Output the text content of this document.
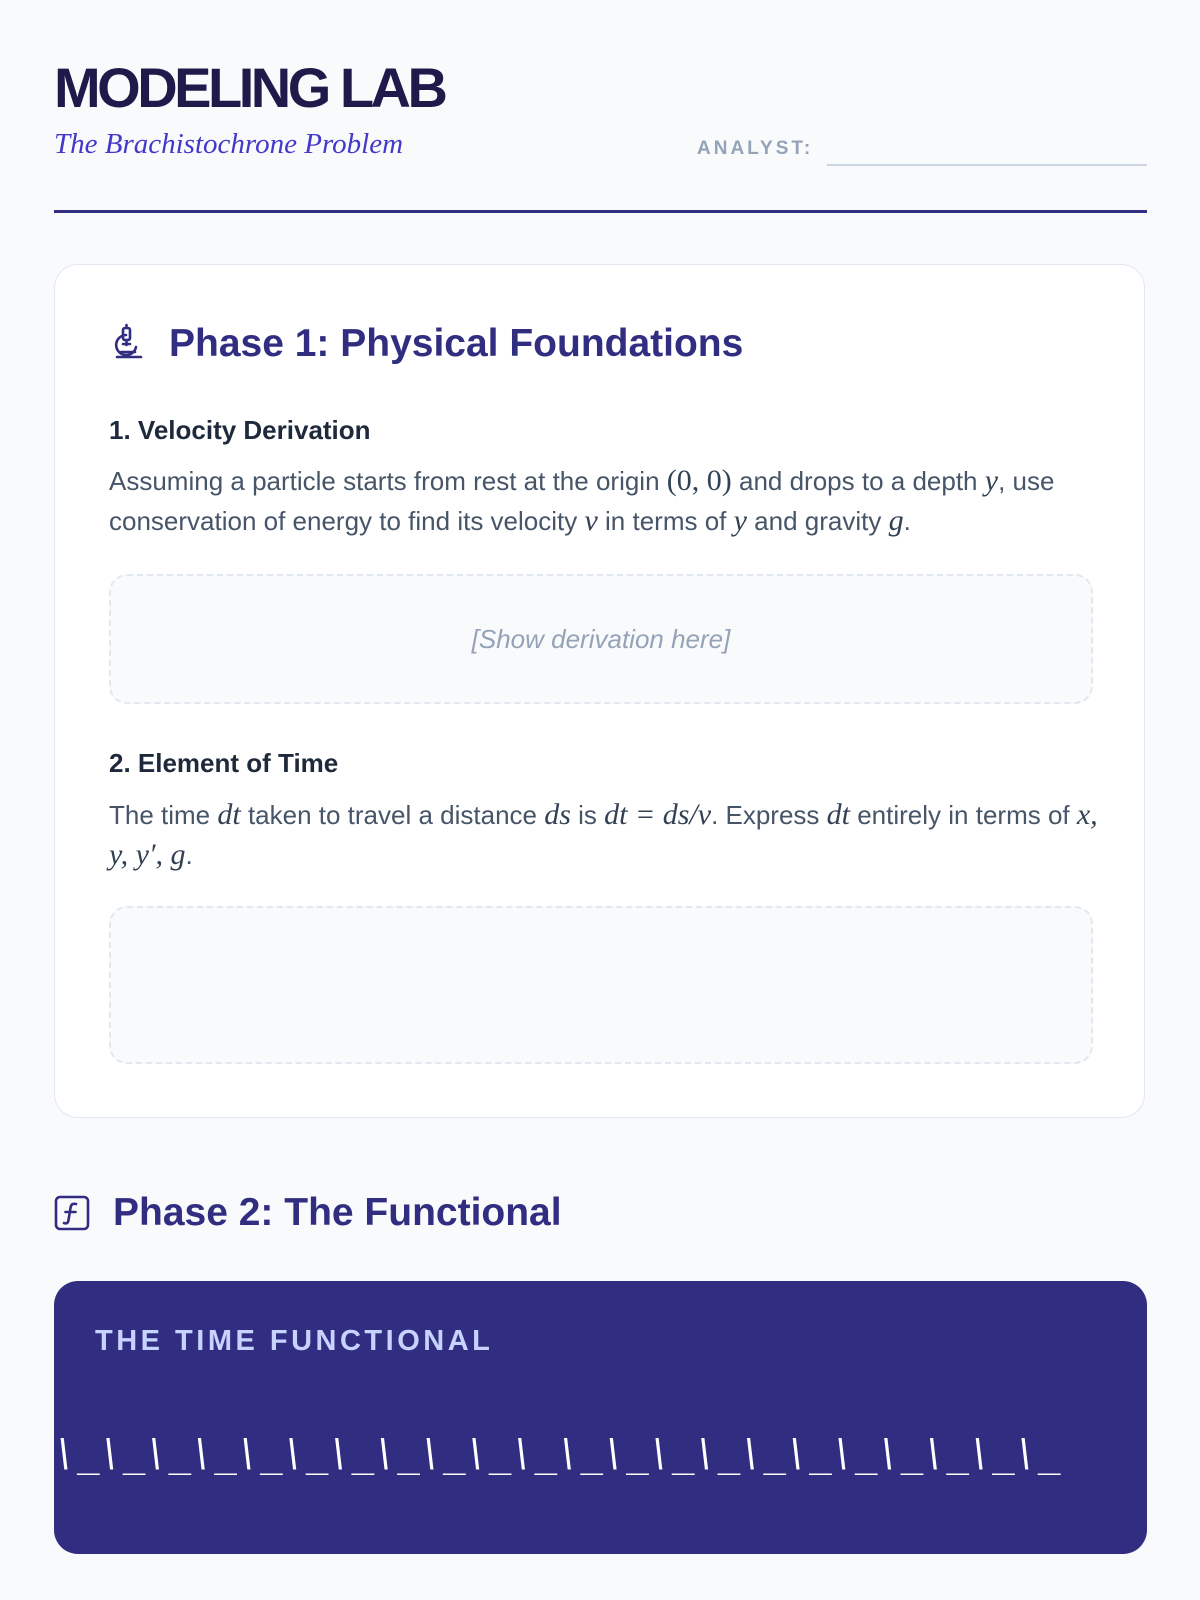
MODELING LAB
The Brachistochrone Problem	ANALYST:
Phase 1: Physical Foundations
1. Velocity Derivation
Assuming a particle starts from rest at the origin (0, 0) and drops to a depth y, use conservation of energy to find its velocity v in terms of y and gravity g.
[Show derivation here]
2. Element of Time
The time dt taken to travel a distance ds is dt = ds/v. Express dt entirely in terms of x, y, y′, g.
Phase 2: The Functional
THE TIME FUNCTIONAL
\_\_\_\_\_\_\_\_\_\_\_\_\_\_\_\_\_\_\_\_\_\_
